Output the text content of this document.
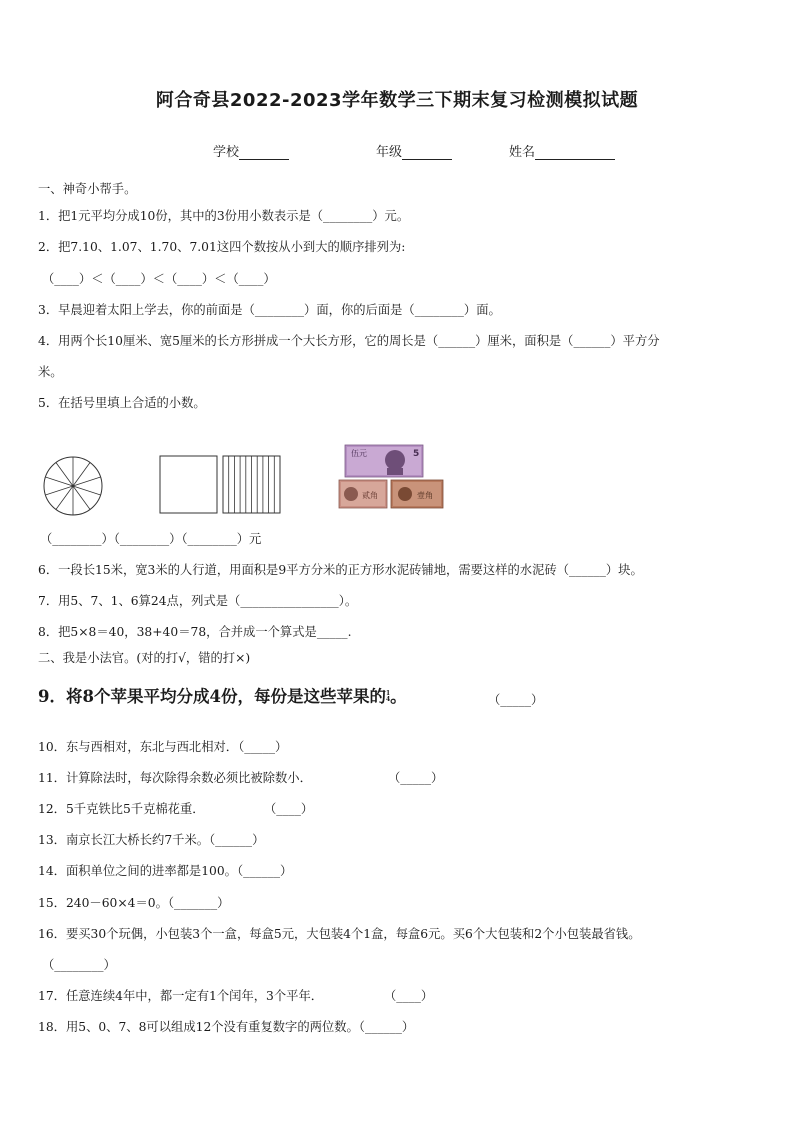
阿合奇县2022-2023学年数学三下期末复习检测模拟试题
学校	年级	姓名
一、神奇小帮手。
1．把1元平均分成10份，其中的3份用小数表示是（________）元。
2．把7.10、1.07、1.70、7.01这四个数按从小到大的顺序排列为:
（____）＜（____）＜（____）＜（____）
3．早晨迎着太阳上学去，你的前面是（________）面，你的后面是（________）面。
4．用两个长10厘米、宽5厘米的长方形拼成一个大长方形，它的周长是（______）厘米，面积是（______）平方分
米。
5．在括号里填上合适的小数。
伍元	5
贰角	壹角
（________）（________）（________）元
6．一段长15米，宽3米的人行道，用面积是9平方分米的正方形水泥砖铺地，需要这样的水泥砖（______）块。
7．用5、7、1、6算24点，列式是（________________）。
8．把5×8＝40，38+40＝78，合并成一个算式是_____.
二、我是小法官。(对的打√，错的打×)
9．将8个苹果平均分成4份，每份是这些苹果的 1
4 。	（_____）
10．东与西相对，东北与西北相对．（_____）
11．计算除法时，每次除得余数必须比被除数小．	（_____）
12．5千克铁比5千克棉花重．	（____）
13．南京长江大桥长约7千米。（______）
14．面积单位之间的进率都是100。（______）
15．240－60×4＝0。（_______）
16．要买30个玩偶，小包装3个一盒，每盒5元，大包装4个1盒，每盒6元。买6个大包装和2个小包装最省钱。
（________）
17．任意连续4年中，都一定有1个闰年，3个平年．	（____）
18．用5、0、7、8可以组成12个没有重复数字的两位数。（______）
